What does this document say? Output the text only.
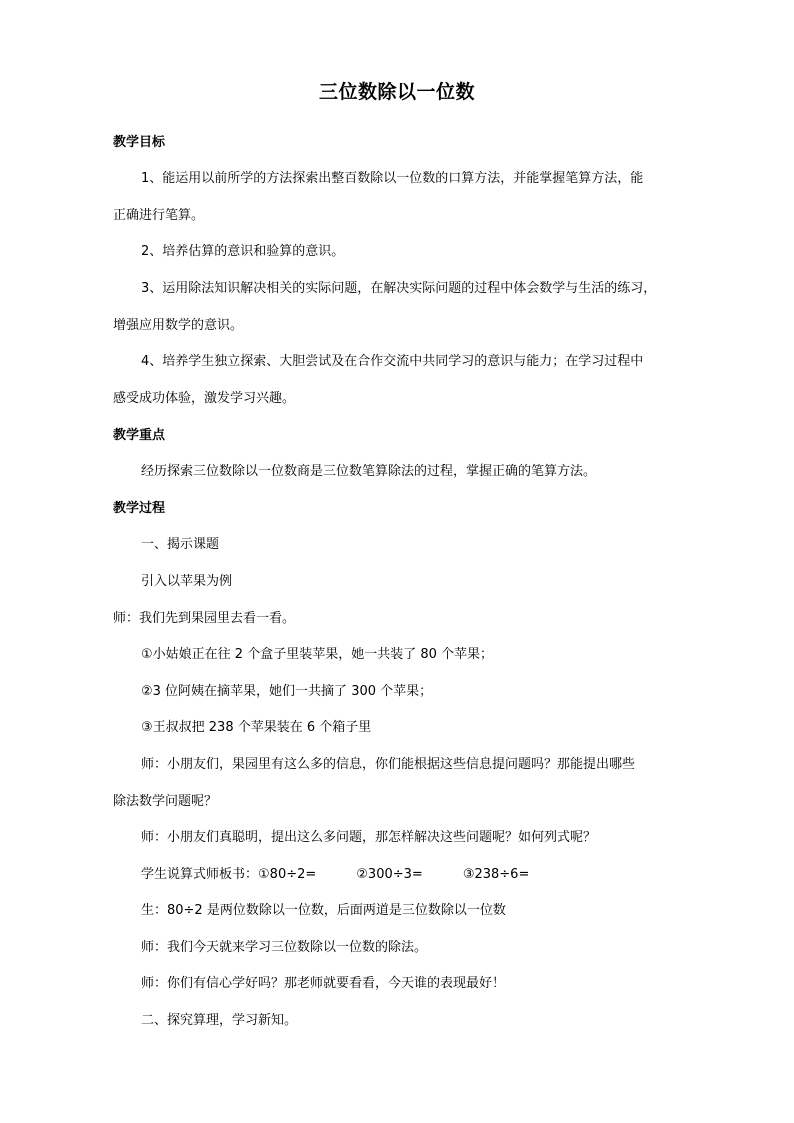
三位数除以一位数
教学目标
1、能运用以前所学的方法探索出整百数除以一位数的口算方法，并能掌握笔算方法，能
正确进行笔算。
2、培养估算的意识和验算的意识。
3、运用除法知识解决相关的实际问题，在解决实际问题的过程中体会数学与生活的练习，
增强应用数学的意识。
4、培养学生独立探索、大胆尝试及在合作交流中共同学习的意识与能力；在学习过程中
感受成功体验，激发学习兴趣。
教学重点
经历探索三位数除以一位数商是三位数笔算除法的过程，掌握正确的笔算方法。
教学过程
一、揭示课题
引入以苹果为例
师：我们先到果园里去看一看。
①小姑娘正在往 2 个盒子里装苹果，她一共装了 80 个苹果；
②3 位阿姨在摘苹果，她们一共摘了 300 个苹果；
③王叔叔把 238 个苹果装在 6 个箱子里
师：小朋友们，果园里有这么多的信息，你们能根据这些信息提问题吗？那能提出哪些
除法数学问题呢？
师：小朋友们真聪明，提出这么多问题，那怎样解决这些问题呢？如何列式呢？
学生说算式师板书：①80÷2=	②300÷3=	③238÷6=
生：80÷2 是两位数除以一位数，后面两道是三位数除以一位数
师：我们今天就来学习三位数除以一位数的除法。
师：你们有信心学好吗？那老师就要看看，今天谁的表现最好！
二、探究算理，学习新知。
